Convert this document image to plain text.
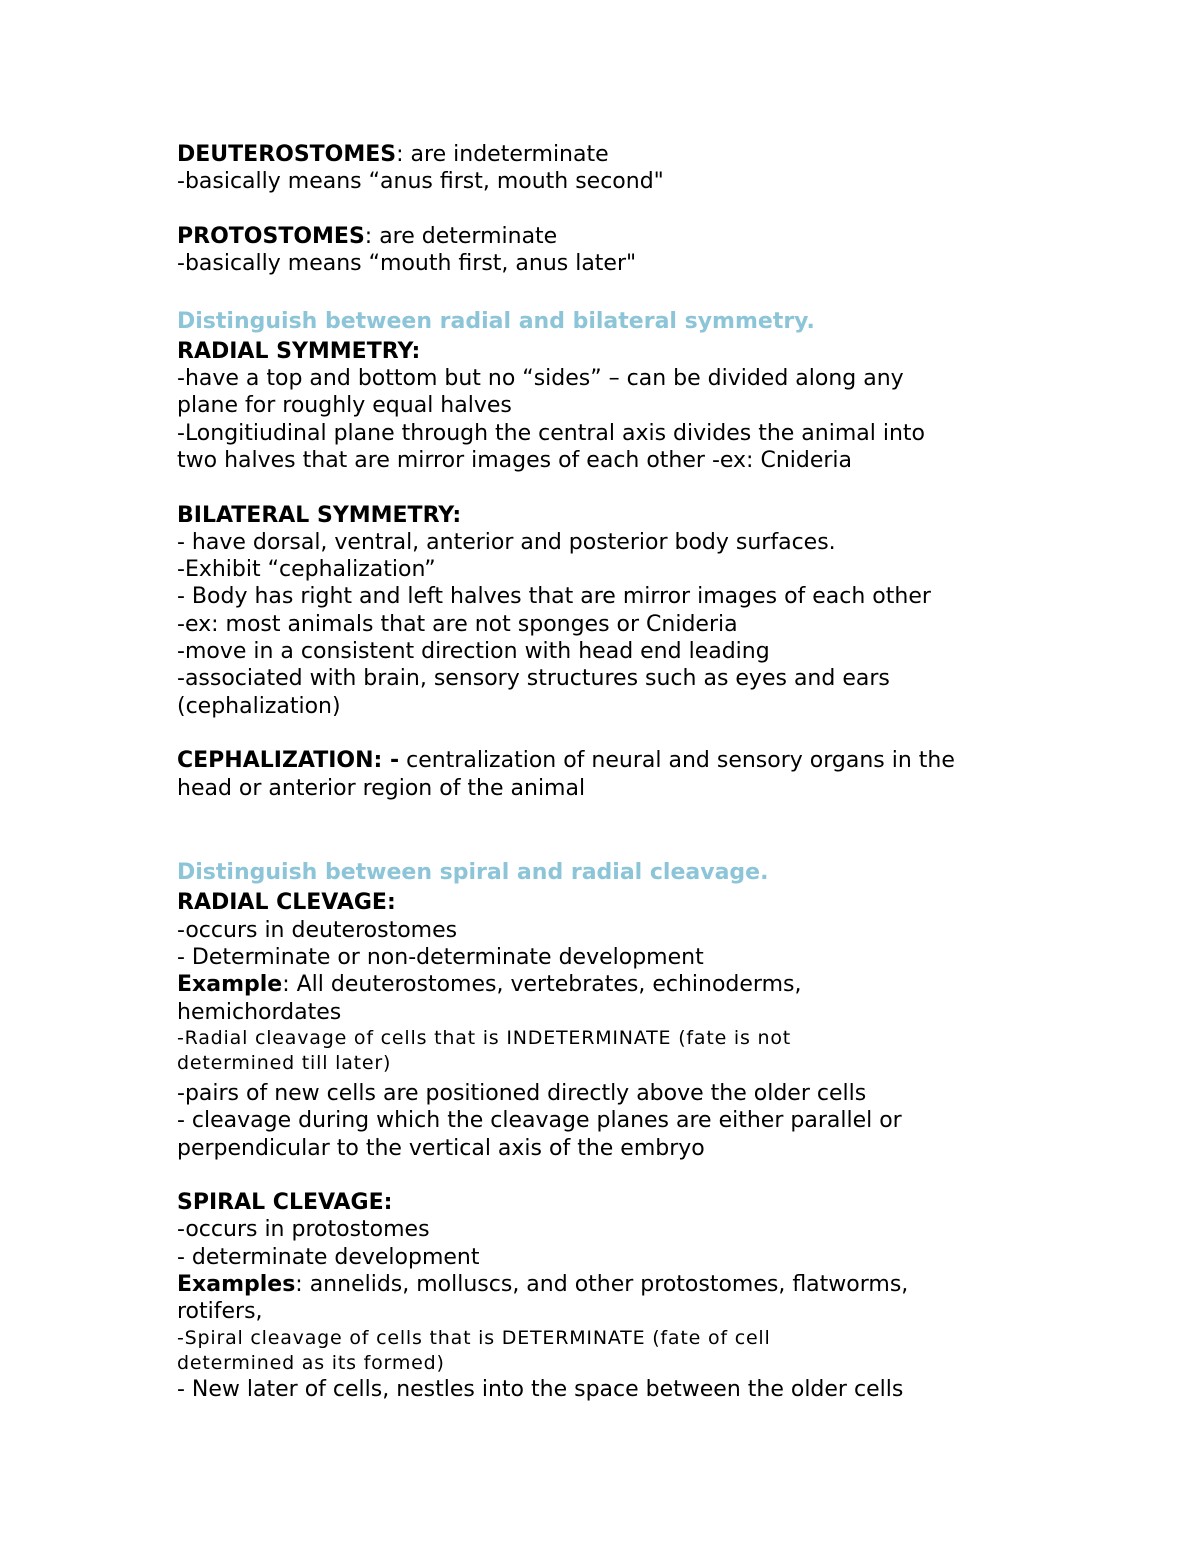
DEUTEROSTOMES: are indeterminate

-basically means “anus first, mouth second"

PROTOSTOMES: are determinate

-basically means “mouth first, anus later"

Distinguish between radial and bilateral symmetry.

RADIAL SYMMETRY:

-have a top and bottom but no “sides” – can be divided along any

plane for roughly equal halves

-Longitiudinal plane through the central axis divides the animal into

two halves that are mirror images of each other -ex: Cnideria

BILATERAL SYMMETRY:

- have dorsal, ventral, anterior and posterior body surfaces.

-Exhibit “cephalization”

- Body has right and left halves that are mirror images of each other

-ex: most animals that are not sponges or Cnideria

-move in a consistent direction with head end leading

-associated with brain, sensory structures such as eyes and ears

(cephalization)

CEPHALIZATION: - centralization of neural and sensory organs in the

head or anterior region of the animal

Distinguish between spiral and radial cleavage.

RADIAL CLEVAGE:

-occurs in deuterostomes

- Determinate or non-determinate development

Example: All deuterostomes, vertebrates, echinoderms,

hemichordates

-Radial cleavage of cells that is INDETERMINATE (fate is not

determined till later)

-pairs of new cells are positioned directly above the older cells

- cleavage during which the cleavage planes are either parallel or

perpendicular to the vertical axis of the embryo

SPIRAL CLEVAGE:

-occurs in protostomes

- determinate development

Examples: annelids, molluscs, and other protostomes, flatworms,

rotifers,

-Spiral cleavage of cells that is DETERMINATE (fate of cell

determined as its formed)

- New later of cells, nestles into the space between the older cells
